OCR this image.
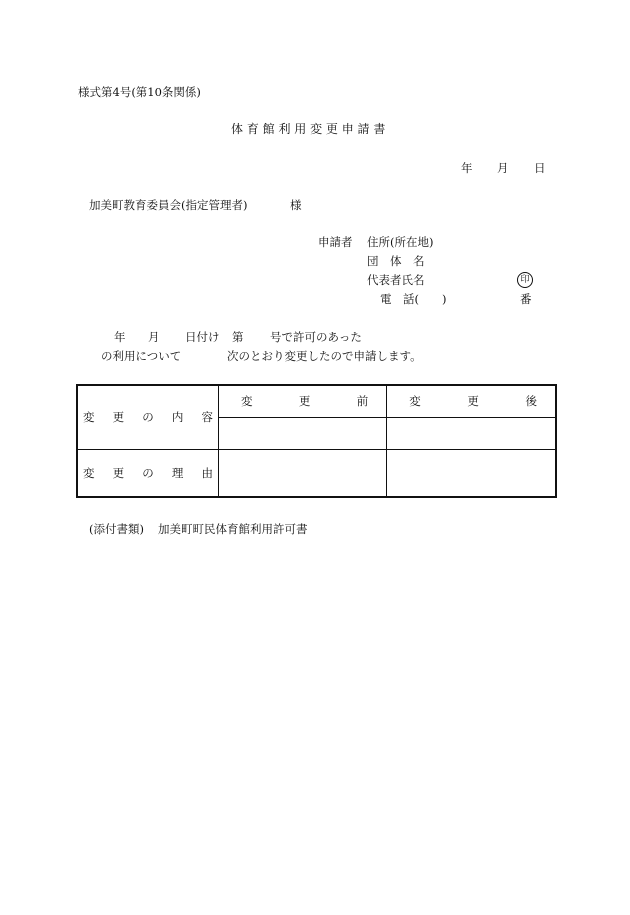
様式第4号(第10条関係)
体 育 館 利 用 変 更 申 請 書
年 月 日
加美町教育委員会(指定管理者)	様
申請者 住所(所在地)
団　体　名
代表者氏名	印
電　話(　　)	番
年 月 日付け 第 号で許可のあった
の利用について	次のとおり変更したので申請します。
変 更 の 内 容	変 更 前	変 更 後

変 更 の 理 由		

(添付書類) 加美町町民体育館利用許可書
